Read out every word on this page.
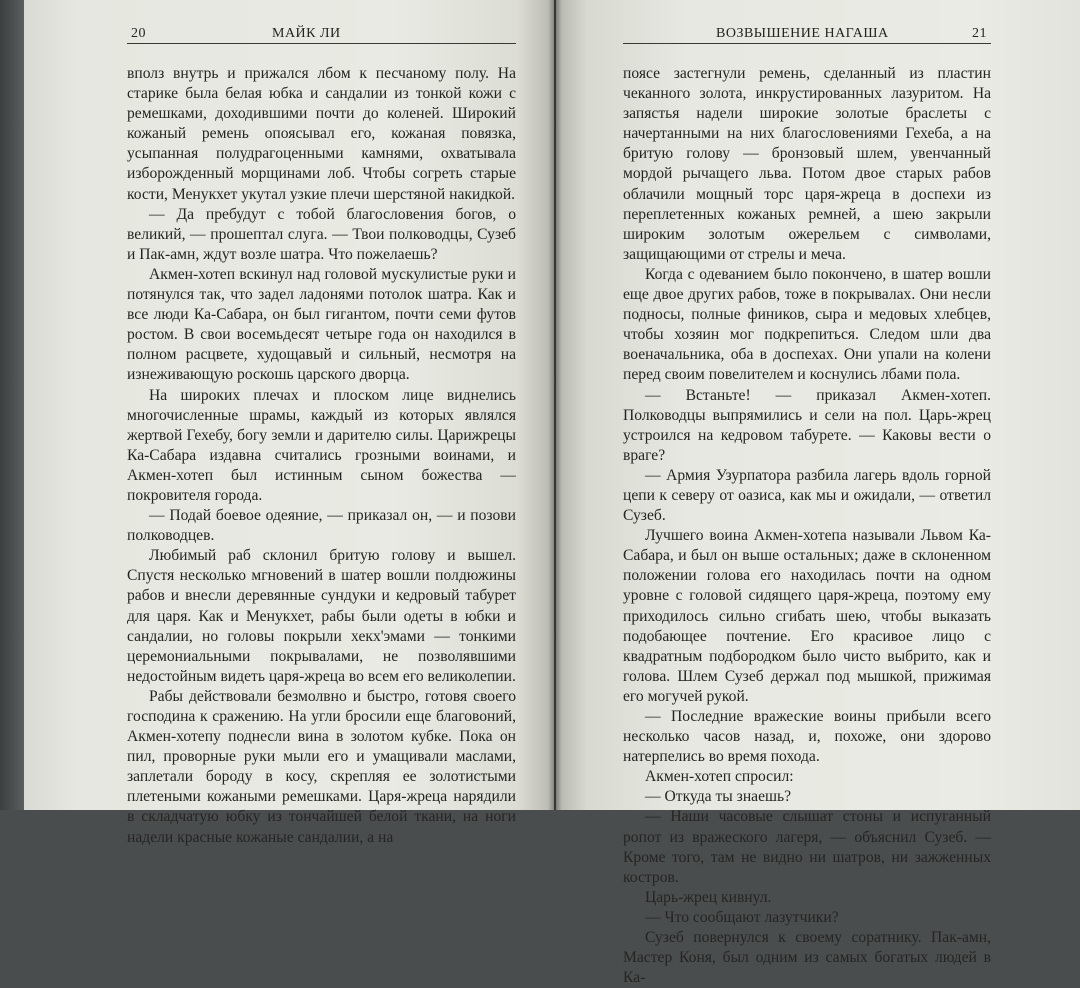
20	МАЙК ЛИ

вполз внутрь и прижался лбом к песчаному полу. На старике была белая юбка и сандалии из тонкой кожи с ремешками, доходившими почти до коленей. Широкий кожаный ремень опоясывал его, кожаная повязка, усыпанная полудрагоценными камнями, охватывала изборожденный морщинами лоб. Чтобы согреть старые кости, Менукхет укутал узкие плечи шерстяной накидкой.

— Да пребудут с тобой благословения богов, о великий, — прошептал слуга. — Твои полководцы, Сузеб и Пак-амн, ждут возле шатра. Что пожелаешь?

Акмен-хотеп вскинул над головой мускулистые руки и потянулся так, что задел ладонями потолок шатра. Как и все люди Ка-Сабара, он был гигантом, почти семи футов ростом. В свои восемьдесят четыре года он находился в полном расцвете, худощавый и сильный, несмотря на изнеживающую роскошь царского дворца.

На широких плечах и плоском лице виднелись многочисленные шрамы, каждый из которых являлся жертвой Гехебу, богу земли и дарителю силы. Царижрецы Ка-Сабара издавна считались грозными воинами, и Акмен-хотеп был истинным сыном божества — покровителя города.

— Подай боевое одеяние, — приказал он, — и позови полководцев.

Любимый раб склонил бритую голову и вышел. Спустя несколько мгновений в шатер вошли полдюжины рабов и внесли деревянные сундуки и кедровый табурет для царя. Как и Менукхет, рабы были одеты в юбки и сандалии, но головы покрыли хекх'эмами — тонкими церемониальными покрывалами, не позволявшими недостойным видеть царя-жреца во всем его великолепии.

Рабы действовали безмолвно и быстро, готовя своего господина к сражению. На угли бросили еще благовоний, Акмен-хотепу поднесли вина в золотом кубке. Пока он пил, проворные руки мыли его и умащивали маслами, заплетали бороду в косу, скрепляя ее золотистыми плетеными кожаными ремешками. Царя-жреца нарядили в складчатую юбку из тончайшей белой ткани, на ноги надели красные кожаные сандалии, а на

ВОЗВЫШЕНИЕ НАГАША	21

поясе застегнули ремень, сделанный из пластин чеканного золота, инкрустированных лазуритом. На запястья надели широкие золотые браслеты с начертанными на них благословениями Гехеба, а на бритую голову — бронзовый шлем, увенчанный мордой рычащего льва. Потом двое старых рабов облачили мощный торс царя-жреца в доспехи из переплетенных кожаных ремней, а шею закрыли широким золотым ожерельем с символами, защищающими от стрелы и меча.

Когда с одеванием было покончено, в шатер вошли еще двое других рабов, тоже в покрывалах. Они несли подносы, полные фиников, сыра и медовых хлебцев, чтобы хозяин мог подкрепиться. Следом шли два военачальника, оба в доспехах. Они упали на колени перед своим повелителем и коснулись лбами пола.

— Встаньте! — приказал Акмен-хотеп. Полководцы выпрямились и сели на пол. Царь-жрец устроился на кедровом табурете. — Каковы вести о враге?

— Армия Узурпатора разбила лагерь вдоль горной цепи к северу от оазиса, как мы и ожидали, — ответил Сузеб.

Лучшего воина Акмен-хотепа называли Львом Ка-Сабара, и был он выше остальных; даже в склоненном положении голова его находилась почти на одном уровне с головой сидящего царя-жреца, поэтому ему приходилось сильно сгибать шею, чтобы выказать подобающее почтение. Его красивое лицо с квадратным подбородком было чисто выбрито, как и голова. Шлем Сузеб держал под мышкой, прижимая его могучей рукой.

— Последние вражеские воины прибыли всего несколько часов назад, и, похоже, они здорово натерпелись во время похода.

Акмен-хотеп спросил:

— Откуда ты знаешь?

— Наши часовые слышат стоны и испуганный ропот из вражеского лагеря, — объяснил Сузеб. — Кроме того, там не видно ни шатров, ни зажженных костров.

Царь-жрец кивнул.

— Что сообщают лазутчики?

Сузеб повернулся к своему соратнику. Пак-амн, Мастер Коня, был одним из самых богатых людей в Ка-
